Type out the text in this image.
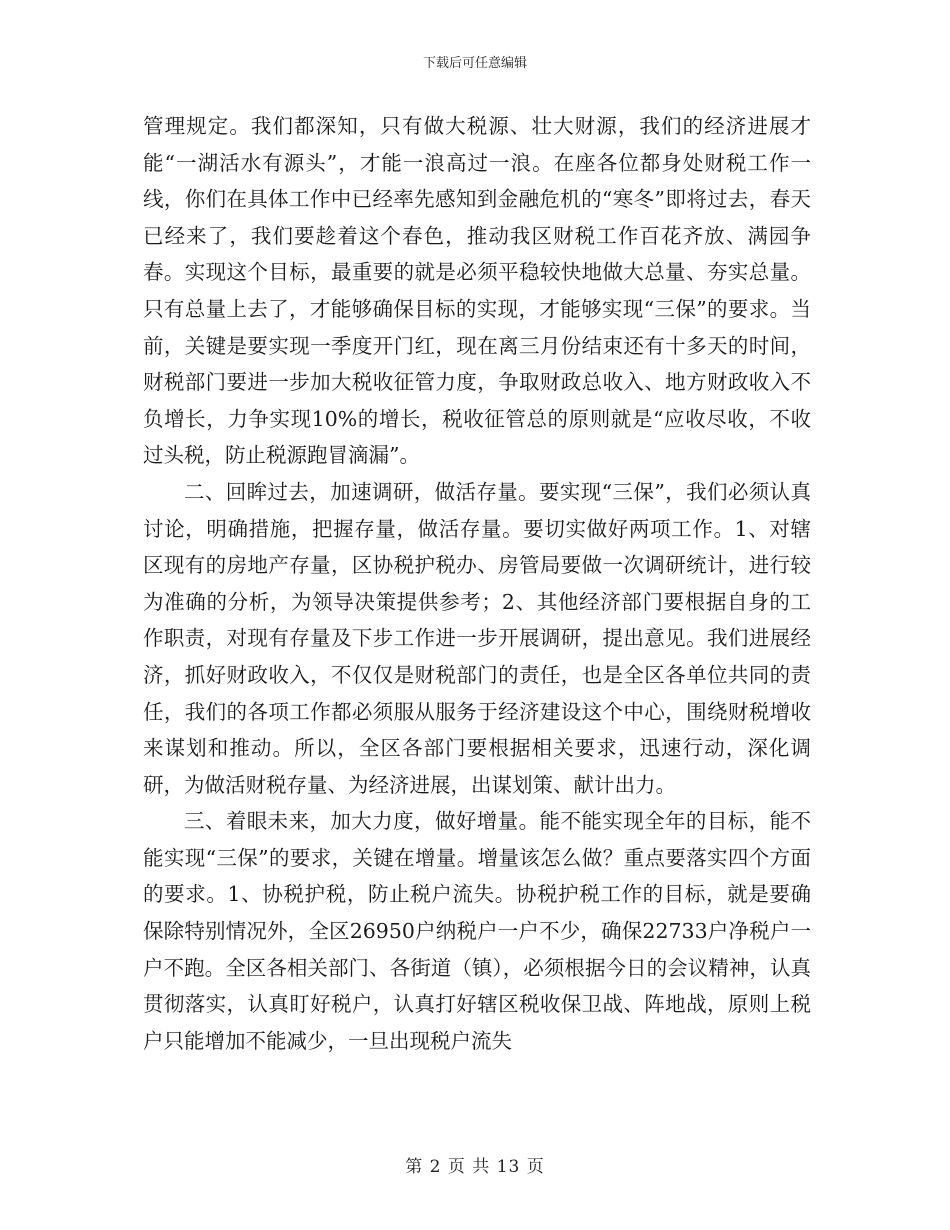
下载后可任意编辑

管理规定。我们都深知，只有做大税源、壮大财源，我们的经济进展才能“一湖活水有源头”，才能一浪高过一浪。在座各位都身处财税工作一线，你们在具体工作中已经率先感知到金融危机的“寒冬”即将过去，春天已经来了，我们要趁着这个春色，推动我区财税工作百花齐放、满园争春。实现这个目标，最重要的就是必须平稳较快地做大总量、夯实总量。只有总量上去了，才能够确保目标的实现，才能够实现“三保”的要求。当前，关键是要实现一季度开门红，现在离三月份结束还有十多天的时间，财税部门要进一步加大税收征管力度，争取财政总收入、地方财政收入不负增长，力争实现10%的增长，税收征管总的原则就是“应收尽收，不收过头税，防止税源跑冒滴漏”。

二、回眸过去，加速调研，做活存量。要实现“三保”，我们必须认真讨论，明确措施，把握存量，做活存量。要切实做好两项工作。1、对辖区现有的房地产存量，区协税护税办、房管局要做一次调研统计，进行较为准确的分析，为领导决策提供参考；2、其他经济部门要根据自身的工作职责，对现有存量及下步工作进一步开展调研，提出意见。我们进展经济，抓好财政收入，不仅仅是财税部门的责任，也是全区各单位共同的责任，我们的各项工作都必须服从服务于经济建设这个中心，围绕财税增收来谋划和推动。所以，全区各部门要根据相关要求，迅速行动，深化调研，为做活财税存量、为经济进展，出谋划策、献计出力。

三、着眼未来，加大力度，做好增量。能不能实现全年的目标，能不能实现“三保”的要求，关键在增量。增量该怎么做？重点要落实四个方面的要求。1、协税护税，防止税户流失。协税护税工作的目标，就是要确保除特别情况外，全区26950户纳税户一户不少，确保22733户净税户一户不跑。全区各相关部门、各街道（镇），必须根据今日的会议精神，认真贯彻落实，认真盯好税户，认真打好辖区税收保卫战、阵地战，原则上税户只能增加不能减少，一旦出现税户流失

第 2 页 共 13 页
